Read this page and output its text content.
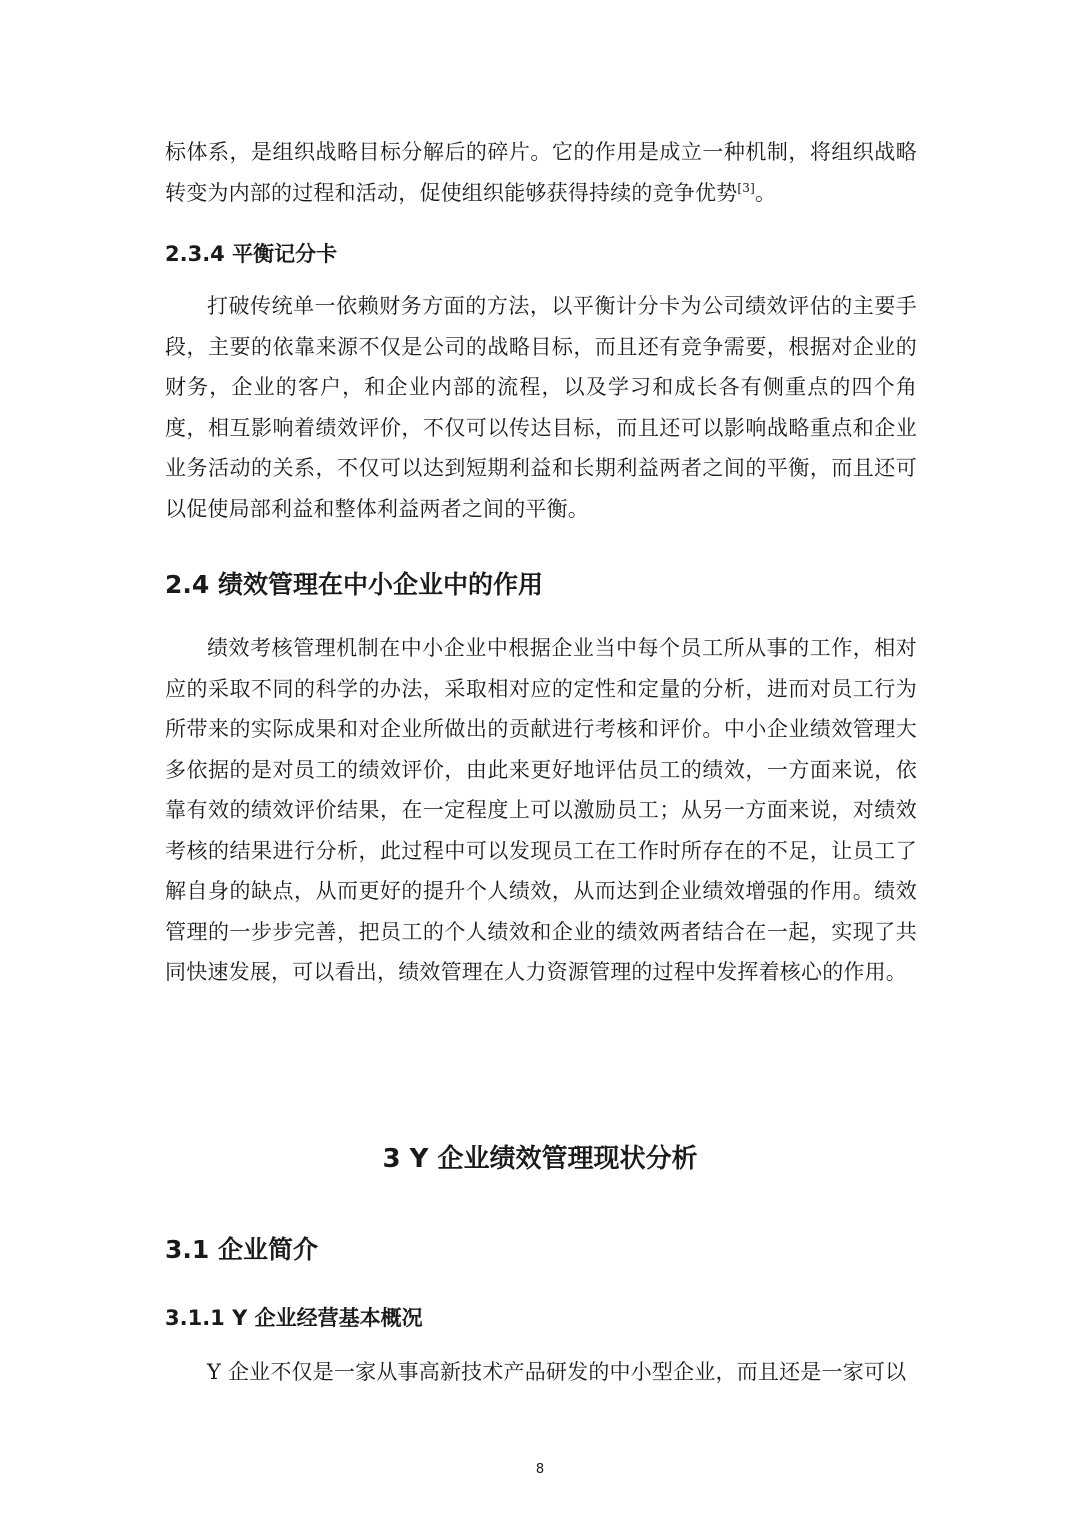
标体系，是组织战略目标分解后的碎片。它的作用是成立一种机制，将组织战略转变为内部的过程和活动，促使组织能够获得持续的竞争优势[3]。

2.3.4 平衡记分卡

打破传统单一依赖财务方面的方法，以平衡计分卡为公司绩效评估的主要手段，主要的依靠来源不仅是公司的战略目标，而且还有竞争需要，根据对企业的财务，企业的客户，和企业内部的流程，以及学习和成长各有侧重点的四个角度，相互影响着绩效评价，不仅可以传达目标，而且还可以影响战略重点和企业业务活动的关系，不仅可以达到短期利益和长期利益两者之间的平衡，而且还可以促使局部利益和整体利益两者之间的平衡。

2.4 绩效管理在中小企业中的作用

绩效考核管理机制在中小企业中根据企业当中每个员工所从事的工作，相对应的采取不同的科学的办法，采取相对应的定性和定量的分析，进而对员工行为所带来的实际成果和对企业所做出的贡献进行考核和评价。中小企业绩效管理大多依据的是对员工的绩效评价，由此来更好地评估员工的绩效，一方面来说，依靠有效的绩效评价结果，在一定程度上可以激励员工；从另一方面来说，对绩效考核的结果进行分析，此过程中可以发现员工在工作时所存在的不足，让员工了解自身的缺点，从而更好的提升个人绩效，从而达到企业绩效增强的作用。绩效管理的一步步完善，把员工的个人绩效和企业的绩效两者结合在一起，实现了共同快速发展，可以看出，绩效管理在人力资源管理的过程中发挥着核心的作用。

3 Y 企业绩效管理现状分析
3.1 企业简介
3.1.1 Y 企业经营基本概况

Y 企业不仅是一家从事高新技术产品研发的中小型企业，而且还是一家可以

8
